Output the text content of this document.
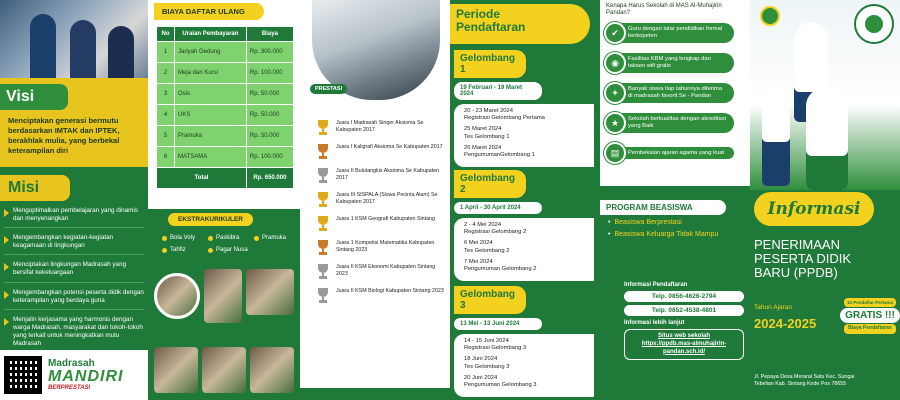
Visi
Menciptakan generasi bermutu berdasarkan IMTAK dan IPTEK, berakhlak mulia, yang berbekal keterampilan diri
Misi
Mengoptimalkan pembelajaran yang dinamis dan menyenangkan
Mengembangkan kegiatan-kegiatan keagamaan di lingkungan
Menciptakan lingkungan Madrasah yang bersifat kekeluargaan
Mengembangkan potensi peserta didik dengan keterampilan yang berdaya guna
Menjalin kerjasama yang harmonis dengan warga Madrasah, masyarakat dan tokoh-tokoh yang terkait untuk meningkatkan mutu Madrasah
Madrasah
MANDIRI
BERPRESTASI
BIAYA DAFTAR ULANG
No	Uraian Pembayaran	Biaya
1	Jariyah Gedung	Rp. 300.000
2	Meja dan Kursi	Rp. 100.000
3	Osis	Rp. 50.000
4	UKS	Rp. 50.000
5	Pramuka	Rp. 50.000
6	MATSAMA	Rp. 100.000
Total		Rp. 650.000
EKSTRAKURIKULER
Bola Voly	Paskibra	Pramuka
Tahfiz	Pagar Nusa
PRESTASI
Juara I Madrasah Singer Aksioma Se Kabupaten 2017
Juara I Kaligrafi Aksioma Se Kabupaten 2017
Juara II Bulutangkis Aksioma Se Kabupaten 2017
Juara III SISPALA (Siswa Pecinta Alam) Se Kabupaten 2017
Juara 1 KSM Geografi Kabupaten Sintang
Juara 1 Kompetisi Matematika Kabupaten Sintang 2023
Juara II KSM Ekonomi Kabupaten Sintang 2023
Juara II KSM Biologi Kabupaten Sintang 2023
Periode
Pendaftaran
Gelombang 1
19 Februari - 19 Maret 2024
20 - 23 Maret 2024
Registrasi Gelombang Pertama
25 Maret 2024
Tes Gelombang 1
26 Maret 2024
PengumumanGelombang 1
Gelombang 2
1 April - 30 April 2024
2 - 4 Mei 2024
Registrasi Gelombang 2
6 Mei 2024
Tes Gelombang 2
7 Mei 2024
Pengumuman Gelombang 2
Gelombang 3
13 Mei - 13 Juni 2024
14 - 15 Juni 2024
Registrasi Gelombang 3
18 Juni 2024
Tes Gelombang 3
20 Juni 2024
Pengumuman Gelombang 3
Kenapa Harus Sekolah di MAS Al-Muhajirin Pandan?
✔	Guru dengan latar pendidikan formal berkopeten
◉	Fasilitas KBM yang lengkap dan taksen wifi gratis
✦	Banyak siswa tiap tahunnya diterima di madrasah favorit Se - Pandan
★	Sekolah berkualitas dengan akreditasi yang Baik
▤	Pembekalan ajaran agama yang kuat
PROGRAM BEASISWA
• Beasiswa Berprestasi
• Beasiswa Keluarga Tidak Mampu
Informasi Pendaftaran
Telp. 0856-4626-2794
Telp. 0852-4538-4801
Informasi lebih lanjut
Situs web sekolah
https://ppdb.mas-almuhajirin-pandan.sch.id/
Informasi
PENERIMAAN
PESERTA DIDIK
BARU (PPDB)
Tahun Ajaran
2024-2025
10 Pendaftar Pertama
GRATIS !!!
Biaya Pendaftaran
Jl. Pepaya Desa Merarai Satu Kec. Sungai Tebelian Kab. Sintang Kode Pos 78655
